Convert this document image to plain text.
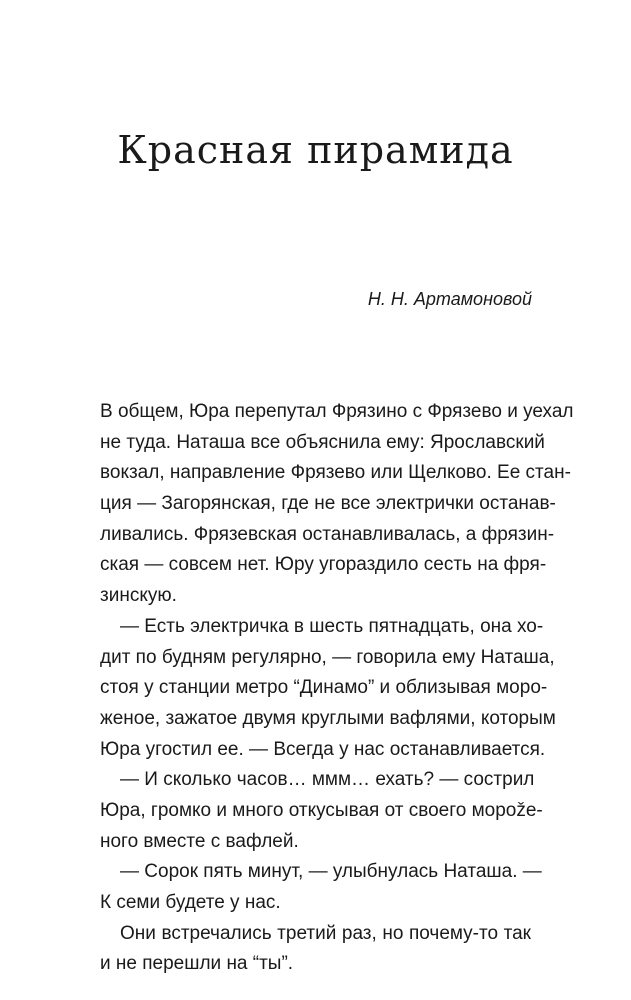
Красная пирамида
Н. Н. Артамоновой
В общем, Юра перепутал Фрязино с Фрязево и уехал
не туда. Наташа все объяснила ему: Ярославский
вокзал, направление Фрязево или Щелково. Ее стан-
ция — Загорянская, где не все электрички останав-
ливались. Фрязевская останавливалась, а фрязин-
ская — совсем нет. Юру угораздило сесть на фря-
зинскую.
— Есть электричка в шесть пятнадцать, она хо-
дит по будням регулярно, — говорила ему Наташа,
стоя у станции метро “Динамо” и облизывая моро-
женое, зажатое двумя круглыми вафлями, которым
Юра угостил ее. — Всегда у нас останавливается.
— И сколько часов… ммм… ехать? — сострил
Юра, громко и много откусывая от своего морože-
ного вместе с вафлей.
— Сорок пять минут, — улыбнулась Наташа. —
К семи будете у нас.
Они встречались третий раз, но почему-то так
и не перешли на “ты”.
